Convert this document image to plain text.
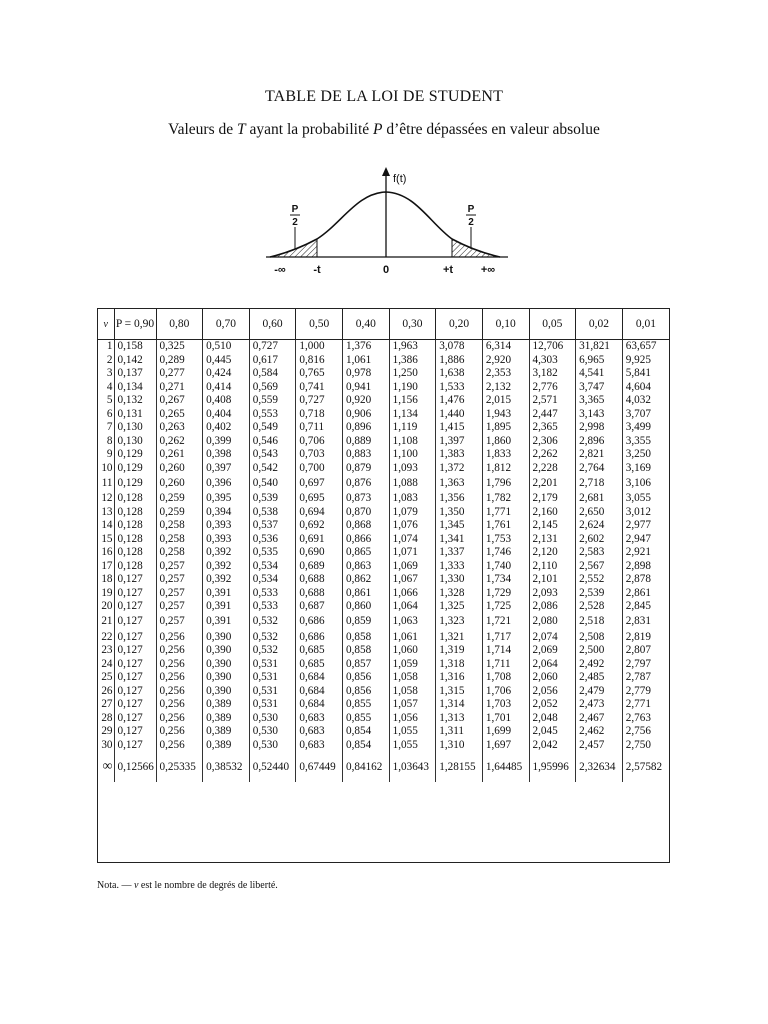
TABLE DE LA LOI DE STUDENT
Valeurs de T ayant la probabilité P d’être dépassées en valeur absolue
f(t)
P
2
P
2
-∞	-t	0	+t	+∞
ν	P = 0,90	0,80	0,70	0,60	0,50	0,40	0,30	0,20	0,10	0,05	0,02	0,01
1	0,158	0,325	0,510	0,727	1,000	1,376	1,963	3,078	6,314	12,706	31,821	63,657
2	0,142	0,289	0,445	0,617	0,816	1,061	1,386	1,886	2,920	4,303	6,965	9,925
3	0,137	0,277	0,424	0,584	0,765	0,978	1,250	1,638	2,353	3,182	4,541	5,841
4	0,134	0,271	0,414	0,569	0,741	0,941	1,190	1,533	2,132	2,776	3,747	4,604
5	0,132	0,267	0,408	0,559	0,727	0,920	1,156	1,476	2,015	2,571	3,365	4,032
6	0,131	0,265	0,404	0,553	0,718	0,906	1,134	1,440	1,943	2,447	3,143	3,707
7	0,130	0,263	0,402	0,549	0,711	0,896	1,119	1,415	1,895	2,365	2,998	3,499
8	0,130	0,262	0,399	0,546	0,706	0,889	1,108	1,397	1,860	2,306	2,896	3,355
9	0,129	0,261	0,398	0,543	0,703	0,883	1,100	1,383	1,833	2,262	2,821	3,250
10	0,129	0,260	0,397	0,542	0,700	0,879	1,093	1,372	1,812	2,228	2,764	3,169
11	0,129	0,260	0,396	0,540	0,697	0,876	1,088	1,363	1,796	2,201	2,718	3,106
12	0,128	0,259	0,395	0,539	0,695	0,873	1,083	1,356	1,782	2,179	2,681	3,055
13	0,128	0,259	0,394	0,538	0,694	0,870	1,079	1,350	1,771	2,160	2,650	3,012
14	0,128	0,258	0,393	0,537	0,692	0,868	1,076	1,345	1,761	2,145	2,624	2,977
15	0,128	0,258	0,393	0,536	0,691	0,866	1,074	1,341	1,753	2,131	2,602	2,947
16	0,128	0,258	0,392	0,535	0,690	0,865	1,071	1,337	1,746	2,120	2,583	2,921
17	0,128	0,257	0,392	0,534	0,689	0,863	1,069	1,333	1,740	2,110	2,567	2,898
18	0,127	0,257	0,392	0,534	0,688	0,862	1,067	1,330	1,734	2,101	2,552	2,878
19	0,127	0,257	0,391	0,533	0,688	0,861	1,066	1,328	1,729	2,093	2,539	2,861
20	0,127	0,257	0,391	0,533	0,687	0,860	1,064	1,325	1,725	2,086	2,528	2,845
21	0,127	0,257	0,391	0,532	0,686	0,859	1,063	1,323	1,721	2,080	2,518	2,831
22	0,127	0,256	0,390	0,532	0,686	0,858	1,061	1,321	1,717	2,074	2,508	2,819
23	0,127	0,256	0,390	0,532	0,685	0,858	1,060	1,319	1,714	2,069	2,500	2,807
24	0,127	0,256	0,390	0,531	0,685	0,857	1,059	1,318	1,711	2,064	2,492	2,797
25	0,127	0,256	0,390	0,531	0,684	0,856	1,058	1,316	1,708	2,060	2,485	2,787
26	0,127	0,256	0,390	0,531	0,684	0,856	1,058	1,315	1,706	2,056	2,479	2,779
27	0,127	0,256	0,389	0,531	0,684	0,855	1,057	1,314	1,703	2,052	2,473	2,771
28	0,127	0,256	0,389	0,530	0,683	0,855	1,056	1,313	1,701	2,048	2,467	2,763
29	0,127	0,256	0,389	0,530	0,683	0,854	1,055	1,311	1,699	2,045	2,462	2,756
30	0,127	0,256	0,389	0,530	0,683	0,854	1,055	1,310	1,697	2,042	2,457	2,750
∞	0,12566	0,25335	0,38532	0,52440	0,67449	0,84162	1,03643	1,28155	1,64485	1,95996	2,32634	2,57582
Nota. — ν est le nombre de degrés de liberté.
